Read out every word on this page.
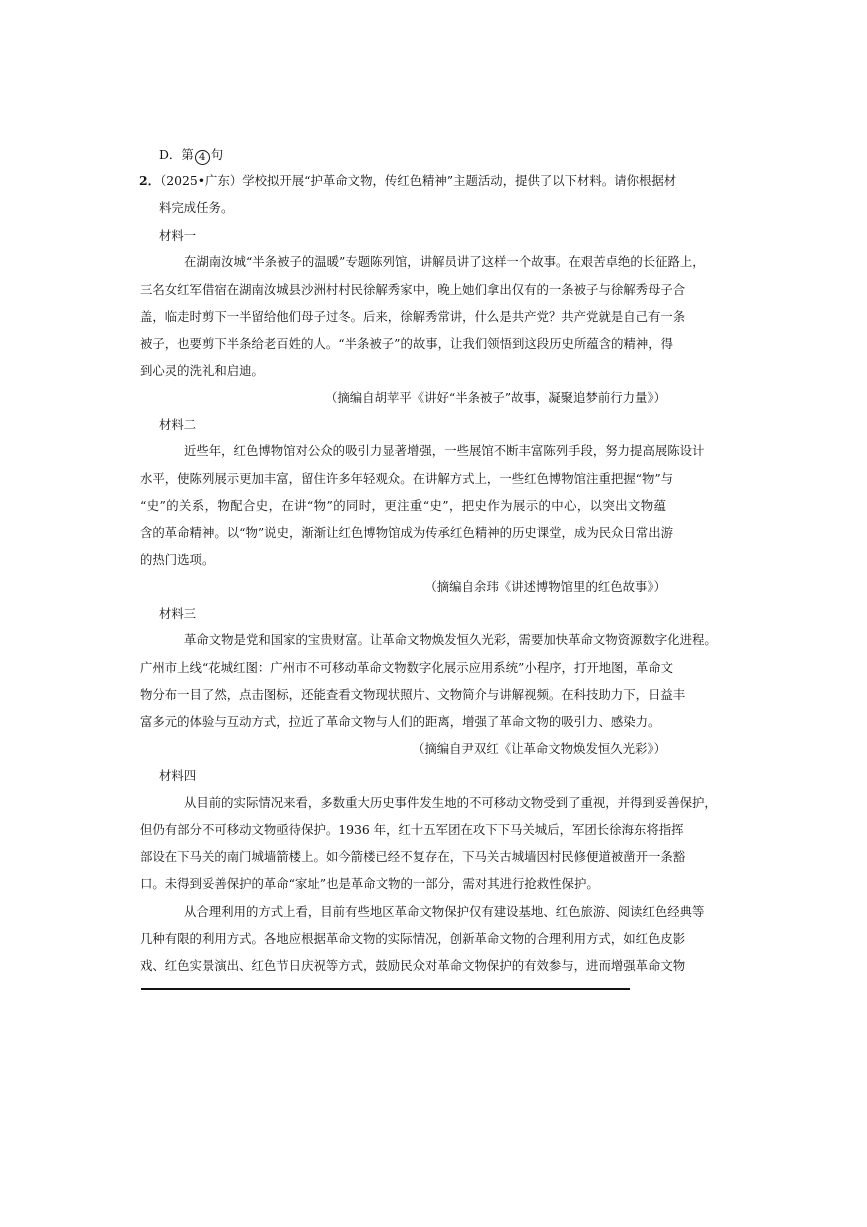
D．第 4 句
2．（2025•广东）学校拟开展“护革命文物，传红色精神”主题活动，提供了以下材料。请你根据材
料完成任务。
材料一
在湖南汝城“半条被子的温暖”专题陈列馆，讲解员讲了这样一个故事。在艰苦卓绝的长征路上，
三名女红军借宿在湖南汝城县沙洲村村民徐解秀家中，晚上她们拿出仅有的一条被子与徐解秀母子合
盖，临走时剪下一半留给他们母子过冬。后来，徐解秀常讲，什么是共产党？共产党就是自己有一条
被子，也要剪下半条给老百姓的人。“半条被子”的故事，让我们领悟到这段历史所蕴含的精神，得
到心灵的洗礼和启迪。
（摘编自胡苹平《讲好“半条被子”故事，凝聚追梦前行力量》）
材料二
近些年，红色博物馆对公众的吸引力显著增强，一些展馆不断丰富陈列手段，努力提高展陈设计
水平，使陈列展示更加丰富，留住许多年轻观众。在讲解方式上，一些红色博物馆注重把握“物”与
“史”的关系，物配合史，在讲“物”的同时，更注重“史”，把史作为展示的中心，以突出文物蕴
含的革命精神。以“物”说史，渐渐让红色博物馆成为传承红色精神的历史课堂，成为民众日常出游
的热门选项。
（摘编自余玮《讲述博物馆里的红色故事》）
材料三
革命文物是党和国家的宝贵财富。让革命文物焕发恒久光彩，需要加快革命文物资源数字化进程。
广州市上线“花城红图：广州市不可移动革命文物数字化展示应用系统”小程序，打开地图，革命文
物分布一目了然，点击图标，还能查看文物现状照片、文物简介与讲解视频。在科技助力下，日益丰
富多元的体验与互动方式，拉近了革命文物与人们的距离，增强了革命文物的吸引力、感染力。
（摘编自尹双红《让革命文物焕发恒久光彩》）
材料四
从目前的实际情况来看，多数重大历史事件发生地的不可移动文物受到了重视，并得到妥善保护，
但仍有部分不可移动文物亟待保护。1936 年，红十五军团在攻下下马关城后，军团长徐海东将指挥
部设在下马关的南门城墙箭楼上。如今箭楼已经不复存在，下马关古城墙因村民修便道被凿开一条豁
口。未得到妥善保护的革命“家址”也是革命文物的一部分，需对其进行抢救性保护。
从合理利用的方式上看，目前有些地区革命文物保护仅有建设基地、红色旅游、阅读红色经典等
几种有限的利用方式。各地应根据革命文物的实际情况，创新革命文物的合理利用方式，如红色皮影
戏、红色实景演出、红色节日庆祝等方式，鼓励民众对革命文物保护的有效参与，进而增强革命文物
